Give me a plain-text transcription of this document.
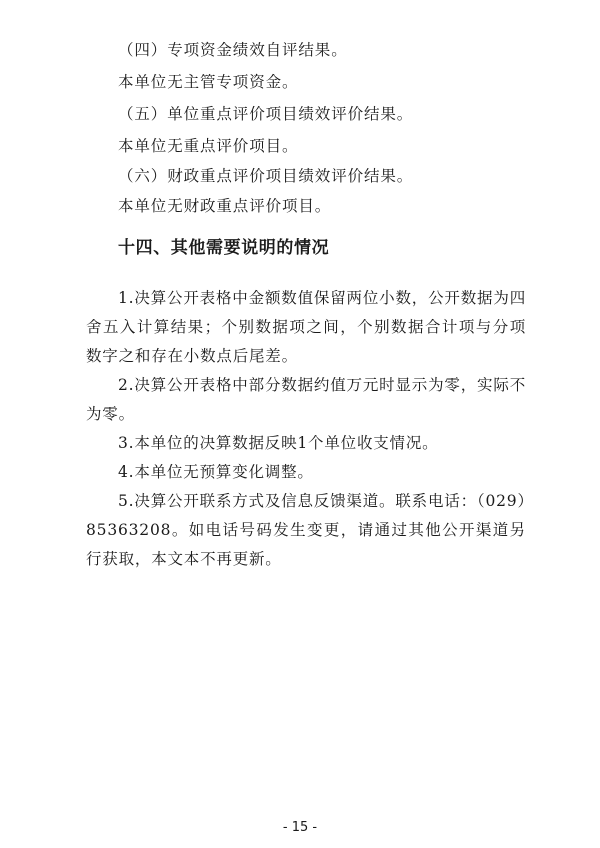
（四）专项资金绩效自评结果。
本单位无主管专项资金。
（五）单位重点评价项目绩效评价结果。
本单位无重点评价项目。
（六）财政重点评价项目绩效评价结果。
本单位无财政重点评价项目。
十四、其他需要说明的情况

1.决算公开表格中金额数值保留两位小数，公开数据为四舍五入计算结果；个别数据项之间，个别数据合计项与分项数字之和存在小数点后尾差。

2.决算公开表格中部分数据约值万元时显示为零，实际不为零。

3.本单位的决算数据反映1个单位收支情况。

4.本单位无预算变化调整。

5.决算公开联系方式及信息反馈渠道。联系电话：（029）85363208。如电话号码发生变更，请通过其他公开渠道另行获取，本文本不再更新。

- 15 -
